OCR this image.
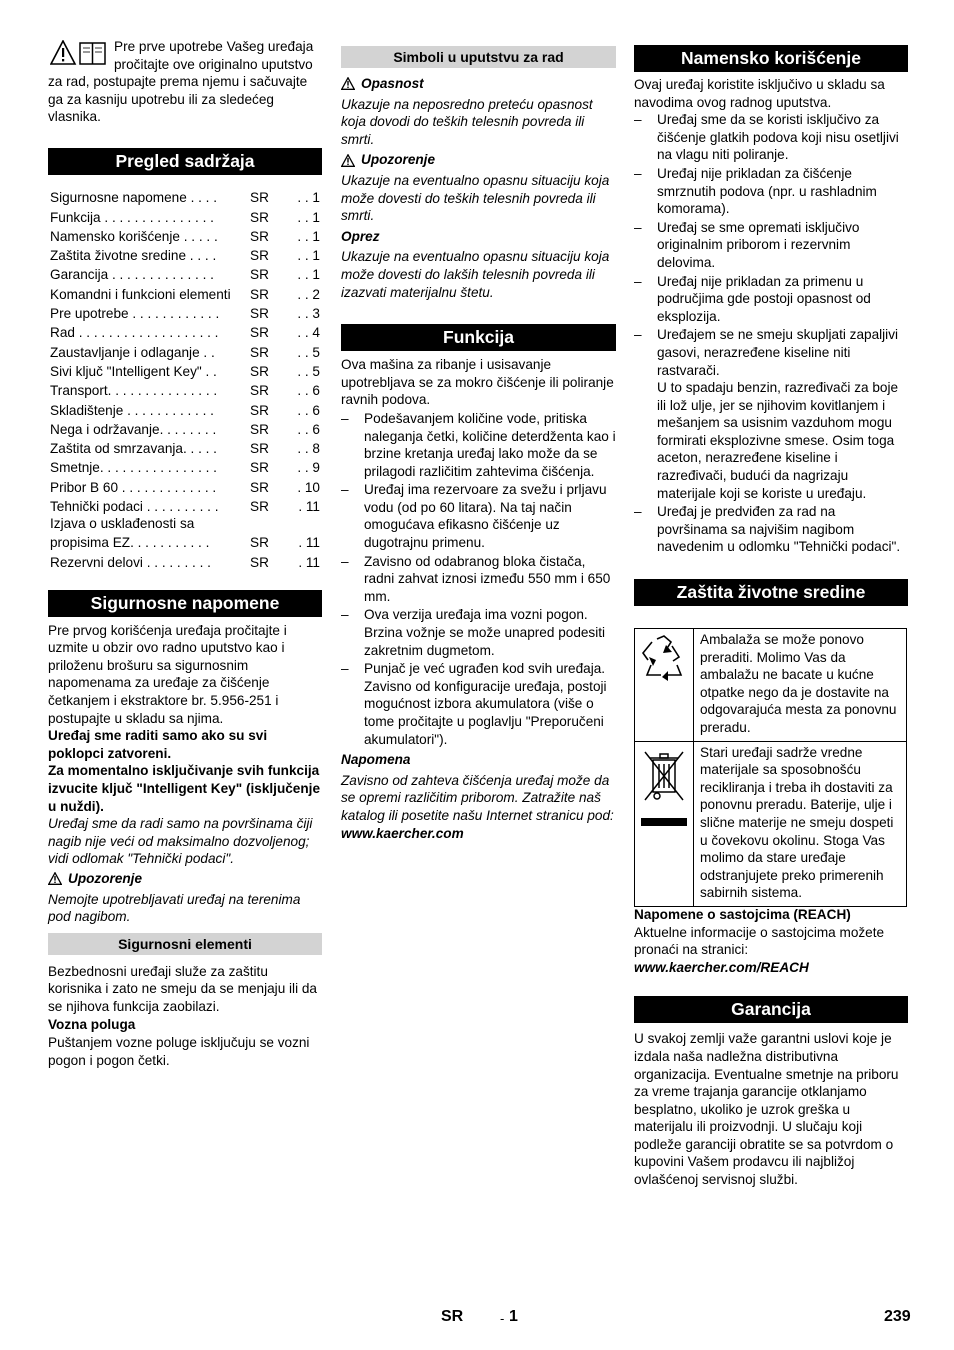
Pre prve upotrebe Vašeg uređaja pročitajte ove originalno uputstvo za rad, postupajte prema njemu i sačuvajte ga za kasniju upotrebu ili za sledećeg vlasnika.

Pregled sadržaja
Sigurnosne napomene . . . .	SR	. . 1
Funkcija . . . . . . . . . . . . . . .	SR	. . 1
Namensko korišćenje . . . . .	SR	. . 1
Zaštita životne sredine . . . .	SR	. . 1
Garancija . . . . . . . . . . . . . .	SR	. . 1
Komandni i funkcioni elementi	SR	. . 2
Pre upotrebe . . . . . . . . . . . .	SR	. . 3
Rad . . . . . . . . . . . . . . . . . . .	SR	. . 4
Zaustavljanje i odlaganje . .	SR	. . 5
Sivi ključ "Intelligent Key" . .	SR	. . 5
Transport. . . . . . . . . . . . . . .	SR	. . 6
Skladištenje . . . . . . . . . . . .	SR	. . 6
Nega i održavanje. . . . . . . .	SR	. . 6
Zaštita od smrzavanja. . . . .	SR	. . 8
Smetnje. . . . . . . . . . . . . . . .	SR	. . 9
Pribor B 60 . . . . . . . . . . . . .	SR	. 10
Tehnički podaci . . . . . . . . . .	SR	. 11
Izjava o usklađenosti sa		
propisima EZ. . . . . . . . . . .	SR	. 11
Rezervni delovi . . . . . . . . .	SR	. 11
Sigurnosne napomene

Pre prvog korišćenja uređaja pročitajte i uzmite u obzir ovo radno uputstvo kao i priloženu brošuru sa sigurnosnim napomenama za uređaje za čišćenje četkanjem i ekstraktore br. 5.956-251 i postupajte u skladu sa njima.

Uređaj sme raditi samo ako su svi poklopci zatvoreni.

Za momentalno isključivanje svih funkcija izvucite ključ "Intelligent Key" (isključenje u nuždi).

Uređaj sme da radi samo na površinama čiji nagib nije veći od maksimalno dozvoljenog; vidi odlomak "Tehnički podaci".

Upozorenje

Nemojte upotrebljavati uređaj na terenima pod nagibom.

Sigurnosni elementi

Bezbednosni uređaji služe za zaštitu korisnika i zato ne smeju da se menjaju ili da se njihova funkcija zaobilazi.

Vozna poluga

Puštanjem vozne poluge isključuju se vozni pogon i pogon četki.

Simboli u uputstvu za rad
Opasnost

Ukazuje na neposredno preteću opasnost koja dovodi do teških telesnih povreda ili smrti.

Upozorenje

Ukazuje na eventualno opasnu situaciju koja može dovesti do teških telesnih povreda ili smrti.

Oprez

Ukazuje na eventualno opasnu situaciju koja može dovesti do lakših telesnih povreda ili izazvati materijalnu štetu.

Funkcija

Ova mašina za ribanje i usisavanje upotrebljava se za mokro čišćenje ili poliranje ravnih podova.

– Podešavanjem količine vode, pritiska naleganja četki, količine deterdženta kao i brzine kretanja uređaj lako može da se prilagodi različitim zahtevima čišćenja.
– Uređaj ima rezervoare za svežu i prljavu vodu (od po 60 litara). Na taj način omogućava efikasno čišćenje uz dugotrajnu primenu.
– Zavisno od odabranog bloka čistača, radni zahvat iznosi između 550 mm i 650 mm.
– Ova verzija uređaja ima vozni pogon. Brzina vožnje se može unapred podesiti zakretnim dugmetom.
– Punjač je već ugrađen kod svih uređaja. Zavisno od konfiguracije uređaja, postoji mogućnost izbora akumulatora (više o tome pročitajte u poglavlju "Preporučeni akumulatori").

Napomena

Zavisno od zahteva čišćenja uređaj može da se opremi različitim priborom. Zatražite naš katalog ili posetite našu Internet stranicu pod:

www.kaercher.com

Namensko korišćenje

Ovaj uređaj koristite isključivo u skladu sa navodima ovog radnog uputstva.

– Uređaj sme da se koristi isključivo za čišćenje glatkih podova koji nisu osetljivi na vlagu niti poliranje.
– Uređaj nije prikladan za čišćenje smrznutih podova (npr. u rashladnim komorama).
– Uređaj se sme opremati isključivo originalnim priborom i rezervnim delovima.
– Uređaj nije prikladan za primenu u područjima gde postoji opasnost od eksplozija.
– Uređajem se ne smeju skupljati zapaljivi gasovi, nerazređene kiseline niti rastvarači.

U to spadaju benzin, razređivači za boje ili lož ulje, jer se njihovim kovitlanjem i mešanjem sa usisnim vazduhom mogu formirati eksplozivne smese. Osim toga aceton, nerazređene kiseline i razređivači, budući da nagrizaju materijale koji se koriste u uređaju.

– Uređaj je predviđen za rad na površinama sa najvišim nagibom navedenim u odlomku "Tehnički podaci".
Zaštita životne sredine
	Ambalaža se može ponovo preraditi. Molimo Vas da ambalažu ne bacate u kućne otpatke nego da je dostavite na odgovarajuća mesta za ponovnu preradu.
	Stari uređaji sadrže vredne materijale sa sposobnošću recikliranja i treba ih dostaviti za ponovnu preradu. Baterije, ulje i slične materije ne smeju dospeti u čovekovu okolinu. Stoga Vas molimo da stare uređaje odstranjujete preko primerenih sabirnih sistema.

Napomene o sastojcima (REACH)

Aktuelne informacije o sastojcima možete pronaći na stranici:

www.kaercher.com/REACH

Garancija

U svakoj zemlji važe garantni uslovi koje je izdala naša nadležna distributivna organizacija. Eventualne smetnje na priboru za vreme trajanja garancije otklanjamo besplatno, ukoliko je uzrok greška u materijalu ili proizvodnji. U slučaju koji podleže garanciji obratite se sa potvrdom o kupovini Vašem prodavcu ili najbližoj ovlašćenoj servisnoj službi.

SR	- 1	239
